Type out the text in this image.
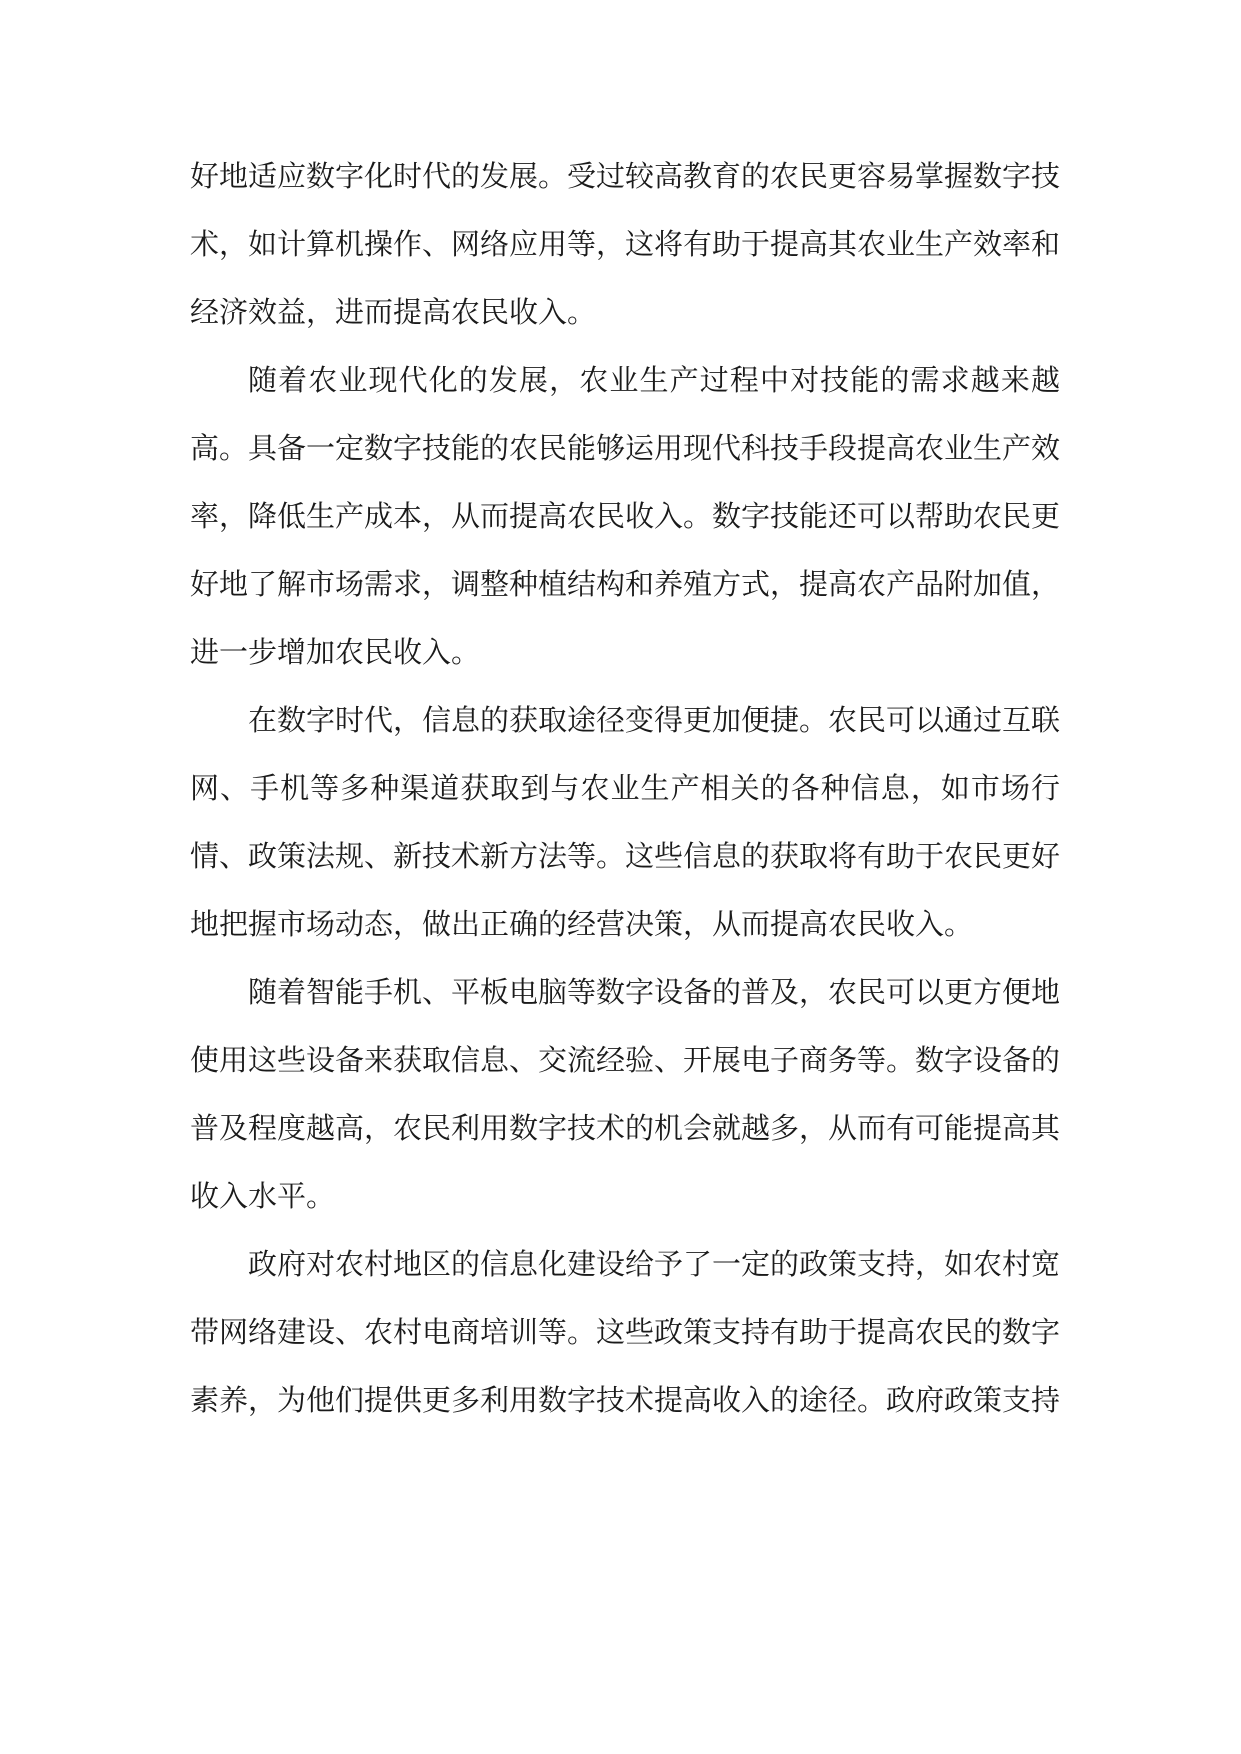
好地适应数字化时代的发展。受过较高教育的农民更容易掌握数字技术，如计算机操作、网络应用等，这将有助于提高其农业生产效率和经济效益，进而提高农民收入。

随着农业现代化的发展，农业生产过程中对技能的需求越来越高。具备一定数字技能的农民能够运用现代科技手段提高农业生产效率，降低生产成本，从而提高农民收入。数字技能还可以帮助农民更好地了解市场需求，调整种植结构和养殖方式，提高农产品附加值，进一步增加农民收入。

在数字时代，信息的获取途径变得更加便捷。农民可以通过互联网、手机等多种渠道获取到与农业生产相关的各种信息，如市场行情、政策法规、新技术新方法等。这些信息的获取将有助于农民更好地把握市场动态，做出正确的经营决策，从而提高农民收入。

随着智能手机、平板电脑等数字设备的普及，农民可以更方便地使用这些设备来获取信息、交流经验、开展电子商务等。数字设备的普及程度越高，农民利用数字技术的机会就越多，从而有可能提高其收入水平。

政府对农村地区的信息化建设给予了一定的政策支持，如农村宽带网络建设、农村电商培训等。这些政策支持有助于提高农民的数字素养，为他们提供更多利用数字技术提高收入的途径。政府政策支持
